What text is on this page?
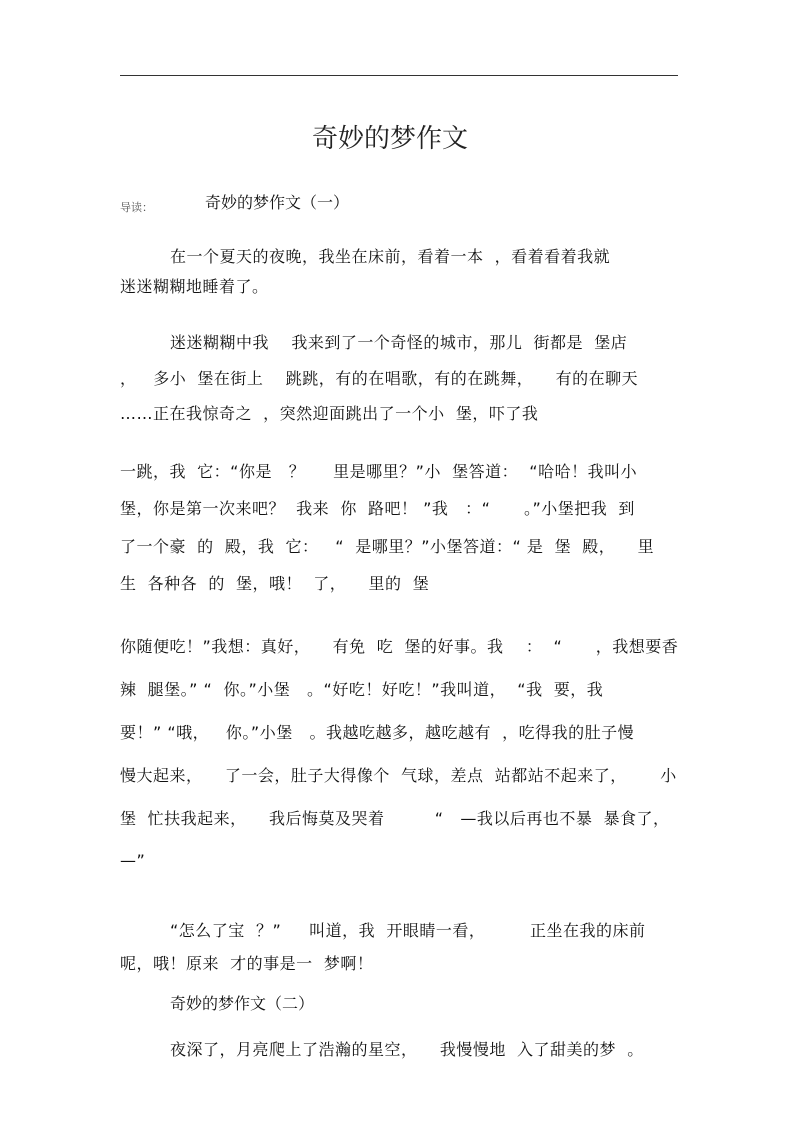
奇妙的梦作文
导读：	奇妙的梦作文（一）
在一个夏天的夜晚，我坐在床前，看着一本  ，看着看着我就
迷迷糊糊地睡着了。
迷迷糊糊中我    我来到了一个奇怪的城市，那儿  街都是  堡店
，   多小  堡在街上    跳跳，有的在唱歌，有的在跳舞，    有的在聊天
……正在我惊奇之  ，突然迎面跳出了一个小  堡，吓了我
一跳，我  它：“你是   ？     里是哪里？”小  堡答道：  “哈哈！我叫小
堡，你是第一次来吧？  我来  你  路吧！ ”我   ：“      。”小堡把我  到
了一个豪  的  殿，我  它：   “  是哪里？”小堡答道：“ 是  堡  殿，    里
生  各种各  的  堡，哦！  了，    里的  堡
你随便吃！”我想：真好，    有免  吃  堡的好事。我    ：  “      ，我想要香
辣  腿堡。” “  你。”小堡   。“好吃！好吃！”我叫道，  “我  要，我
要！” “哦，   你。”小堡   。我越吃越多，越吃越有  ，吃得我的肚子慢
慢大起来，    了一会，肚子大得像个  气球，差点  站都站不起来了，      小
堡  忙扶我起来，    我后悔莫及哭着         “   —我以后再也不暴  暴食了，
—”
“怎么了宝  ？”     叫道，我  开眼睛一看，        正坐在我的床前
呢，哦！原来  才的事是一  梦啊！
奇妙的梦作文（二）
夜深了，月亮爬上了浩瀚的星空，    我慢慢地  入了甜美的梦  。
